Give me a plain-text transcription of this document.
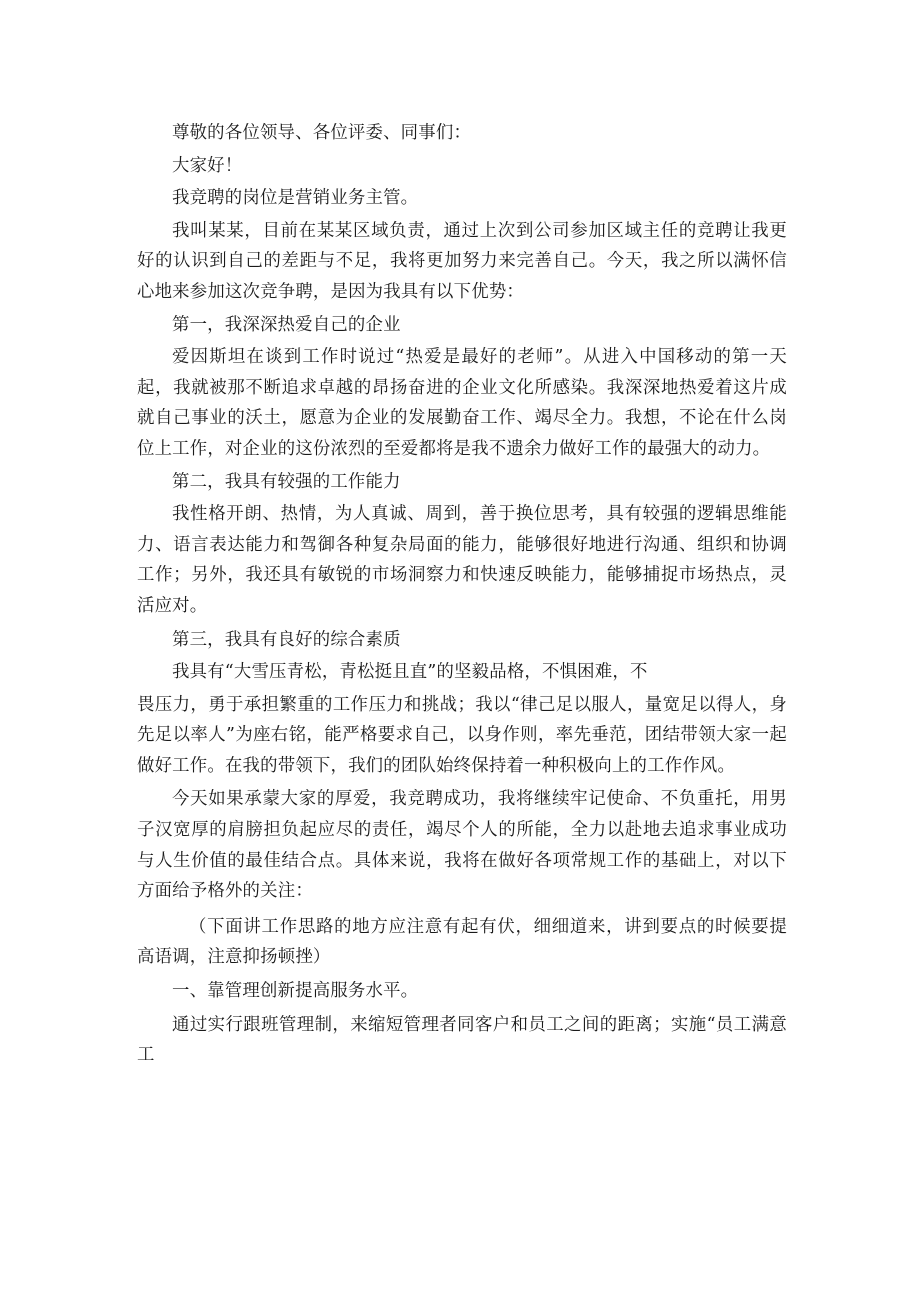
尊敬的各位领导、各位评委、同事们：

大家好！

我竞聘的岗位是营销业务主管。

我叫某某，目前在某某区域负责，通过上次到公司参加区域主任的竞聘让我更好的认识到自己的差距与不足，我将更加努力来完善自己。今天，我之所以满怀信心地来参加这次竞争聘，是因为我具有以下优势：

第一，我深深热爱自己的企业

爱因斯坦在谈到工作时说过“热爱是最好的老师”。从进入中国移动的第一天起，我就被那不断追求卓越的昂扬奋进的企业文化所感染。我深深地热爱着这片成就自己事业的沃土，愿意为企业的发展勤奋工作、竭尽全力。我想，不论在什么岗位上工作，对企业的这份浓烈的至爱都将是我不遗余力做好工作的最强大的动力。

第二，我具有较强的工作能力

我性格开朗、热情，为人真诚、周到，善于换位思考，具有较强的逻辑思维能力、语言表达能力和驾御各种复杂局面的能力，能够很好地进行沟通、组织和协调工作；另外，我还具有敏锐的市场洞察力和快速反映能力，能够捕捉市场热点，灵活应对。

第三，我具有良好的综合素质

我具有“大雪压青松，青松挺且直”的坚毅品格，不惧困难，不

畏压力，勇于承担繁重的工作压力和挑战；我以“律己足以服人，量宽足以得人，身先足以率人”为座右铭，能严格要求自己，以身作则，率先垂范，团结带领大家一起做好工作。在我的带领下，我们的团队始终保持着一种积极向上的工作作风。

今天如果承蒙大家的厚爱，我竞聘成功，我将继续牢记使命、不负重托，用男子汉宽厚的肩膀担负起应尽的责任，竭尽个人的所能，全力以赴地去追求事业成功与人生价值的最佳结合点。具体来说，我将在做好各项常规工作的基础上，对以下方面给予格外的关注：

（下面讲工作思路的地方应注意有起有伏，细细道来，讲到要点的时候要提高语调，注意抑扬顿挫）

一、靠管理创新提高服务水平。

通过实行跟班管理制，来缩短管理者同客户和员工之间的距离；实施“员工满意工
